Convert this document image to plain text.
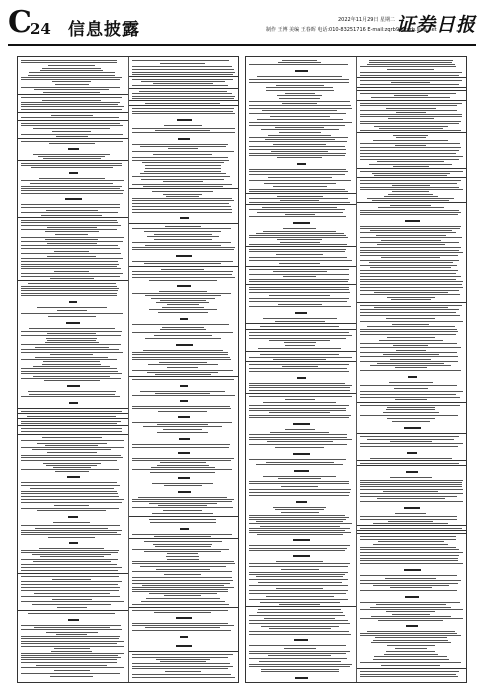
C
24 信息披露	2022年11月29日 星期二
制作 王博 美编 王春晖 电话:010-83251716 E-mail:zqrb9@zqrb.sina.net
证券日报
